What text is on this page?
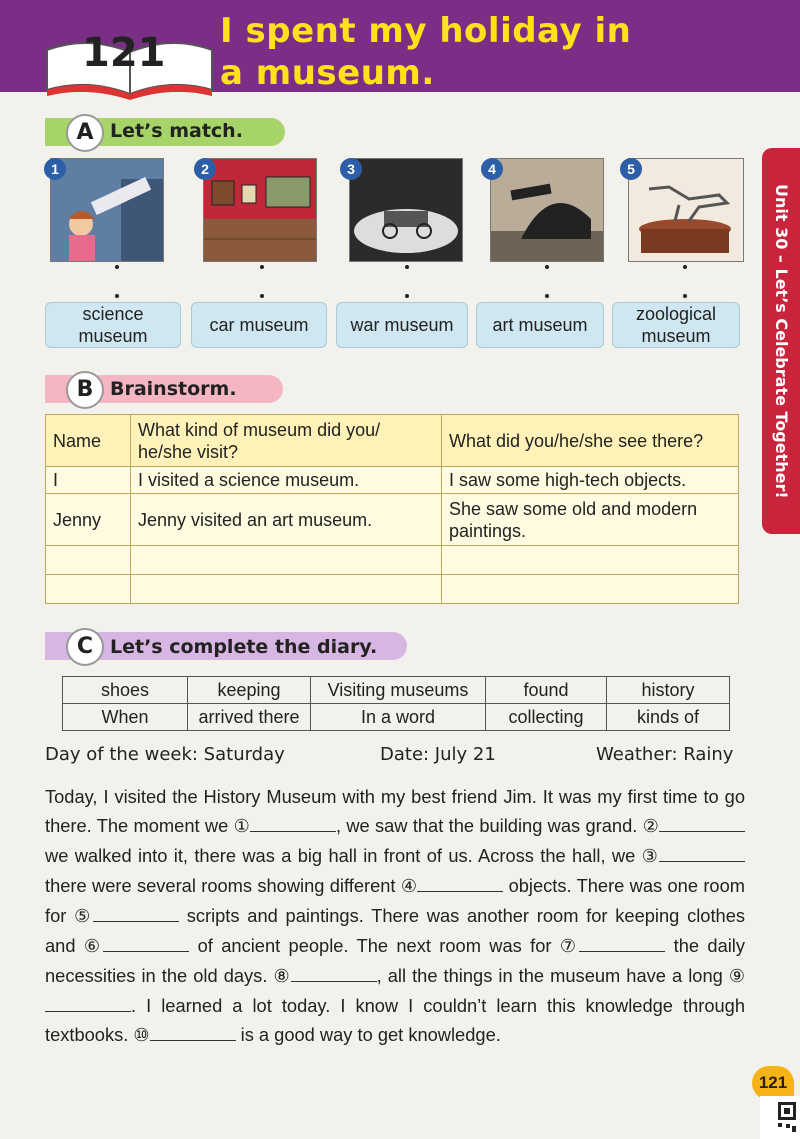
121 I spent my holiday in a museum.
Unit 30 – Let’s Celebrate Together!
A Let’s match.
1	2	3	4	5
science museum
car museum	war museum	art museum
zoological museum
B Brainstorm.
Name	What kind of museum did you/ he/she visit?	What did you/he/she see there?
I	I visited a science museum.	I saw some high-tech objects.
Jenny	Jenny visited an art museum.	She saw some old and modern paintings.

C Let’s complete the diary.
shoes	keeping	Visiting museums	found	history
When	arrived there	In a word	collecting	kinds of
Day of the week: Saturday	Date: July 21	Weather: Rainy
Today, I visited the History Museum with my best friend Jim. It was my first time to go there. The moment we ①	, we saw that the building was grand. ② we walked into it, there was a big hall in front of us. Across the hall, we ③ there were several rooms showing different ④	objects. There was one room for ⑤	scripts and paintings. There was another room for keeping clothes and ⑥	of ancient people. The next room was for ⑦	the daily necessities in the old days. ⑧	, all the things in the museum have a long ⑨. I learned a lot today. I know I couldn’t learn this knowledge through textbooks. ⑩	is a good way to get knowledge.
121
